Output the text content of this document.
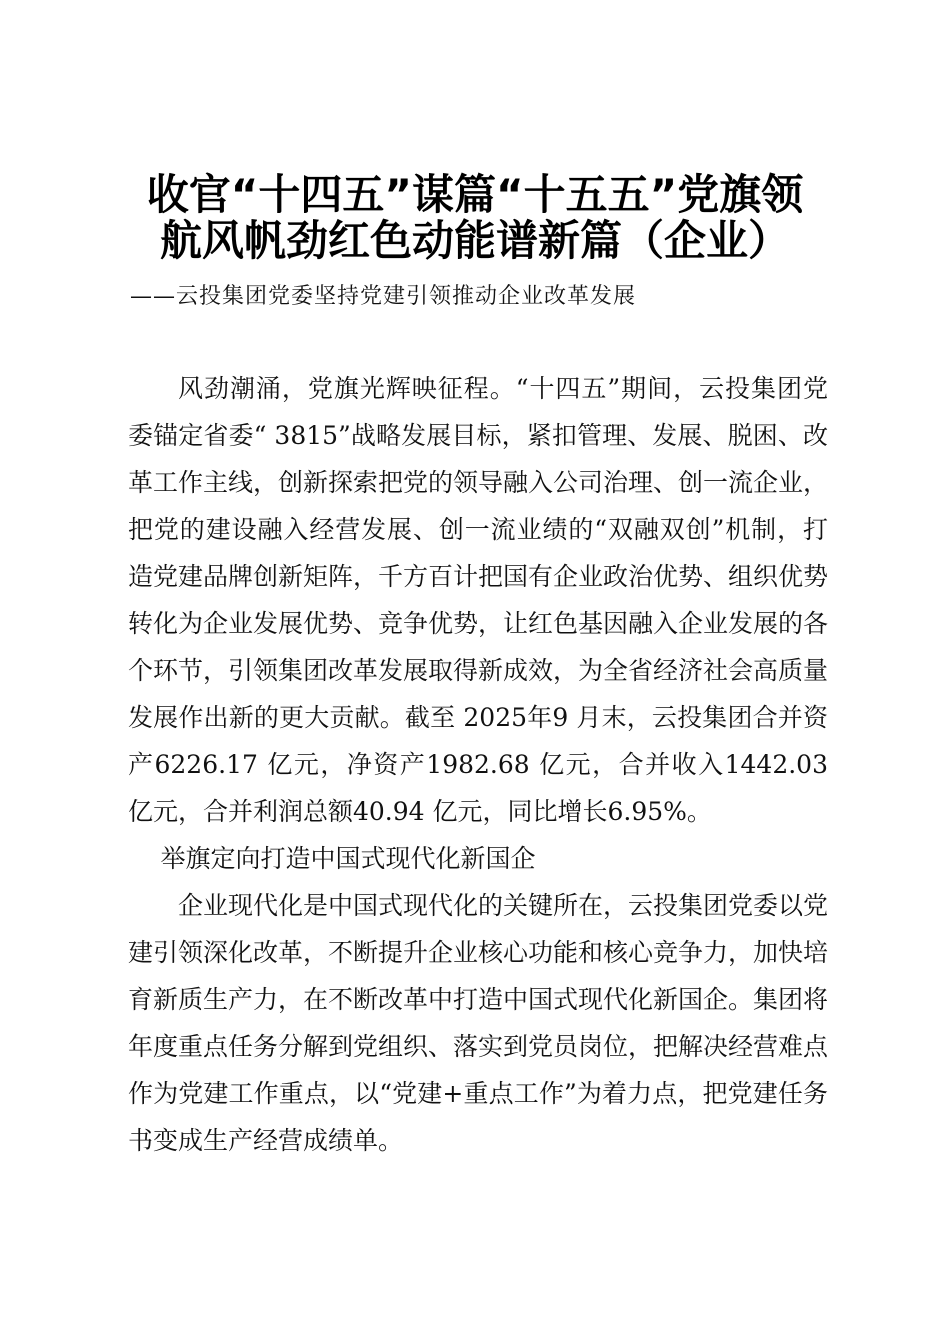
收官“十四五”谋篇“十五五”党旗领
航风帆劲红色动能谱新篇（企业）
——云投集团党委坚持党建引领推动企业改革发展

风劲潮涌，党旗光辉映征程。“十四五”期间，云投集团党委锚定省委“ 3815”战略发展目标，紧扣管理、发展、脱困、改革工作主线，创新探索把党的领导融入公司治理、创一流企业，把党的建设融入经营发展、创一流业绩的“双融双创”机制，打造党建品牌创新矩阵，千方百计把国有企业政治优势、组织优势转化为企业发展优势、竞争优势，让红色基因融入企业发展的各个环节，引领集团改革发展取得新成效，为全省经济社会高质量发展作出新的更大贡献。截至 2025年9 月末，云投集团合并资产6226.17 亿元，净资产1982.68 亿元，合并收入1442.03 亿元，合并利润总额40.94 亿元，同比增长6.95%。

举旗定向打造中国式现代化新国企

企业现代化是中国式现代化的关键所在，云投集团党委以党建引领深化改革，不断提升企业核心功能和核心竞争力，加快培育新质生产力，在不断改革中打造中国式现代化新国企。集团将年度重点任务分解到党组织、落实到党员岗位，把解决经营难点作为党建工作重点，以“党建+重点工作”为着力点，把党建任务书变成生产经营成绩单。
